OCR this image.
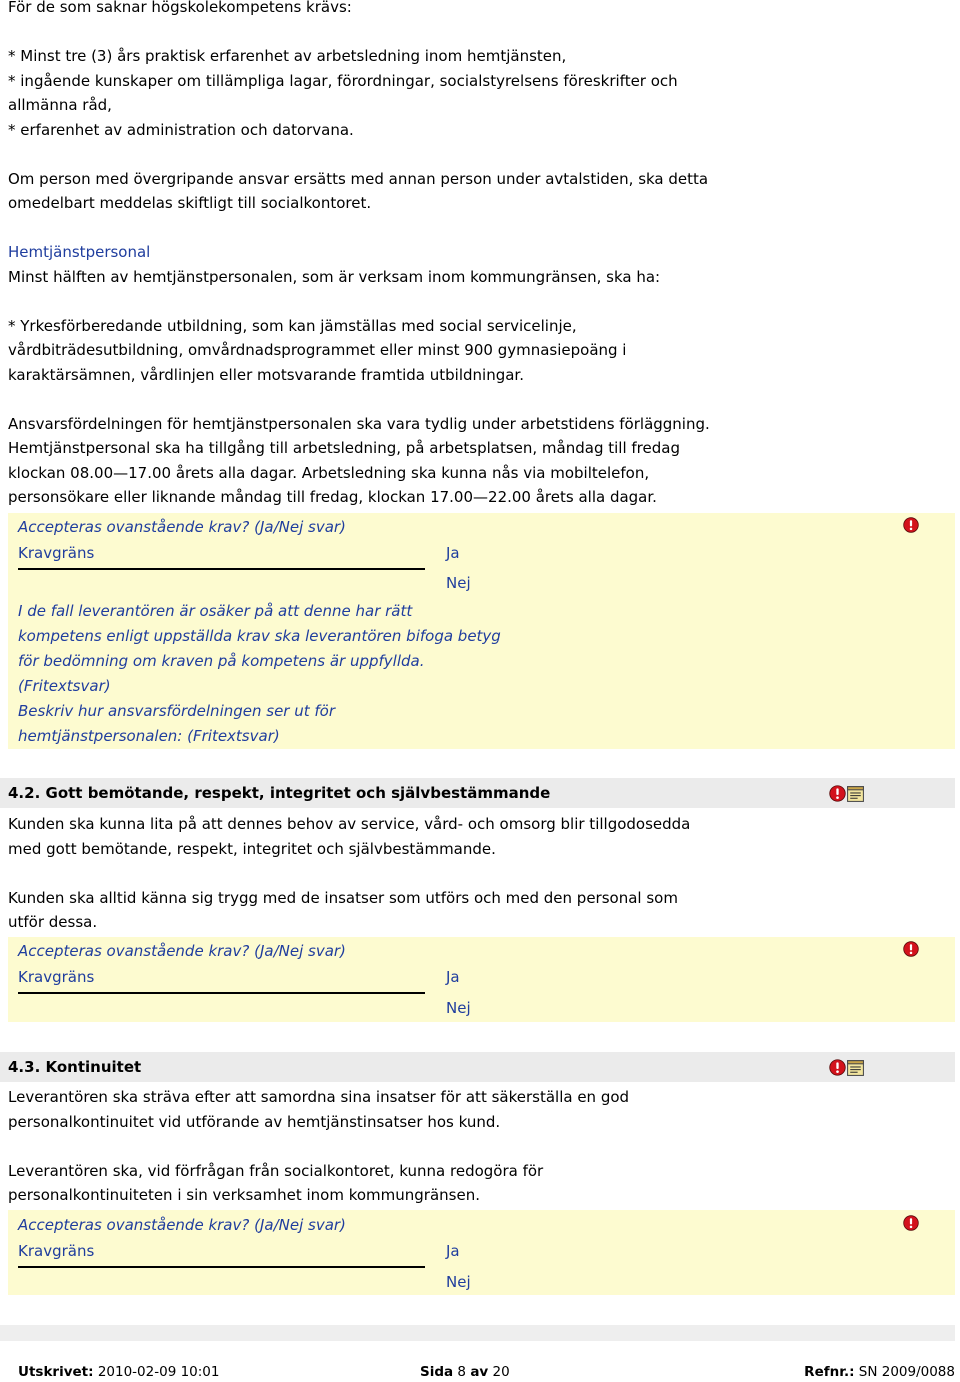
För de som saknar högskolekompetens krävs:
* Minst tre (3) års praktisk erfarenhet av arbetsledning inom hemtjänsten,
* ingående kunskaper om tillämpliga lagar, förordningar, socialstyrelsens föreskrifter och
allmänna råd,
* erfarenhet av administration och datorvana.
Om person med övergripande ansvar ersätts med annan person under avtalstiden, ska detta
omedelbart meddelas skiftligt till socialkontoret.
Hemtjänstpersonal
Minst hälften av hemtjänstpersonalen, som är verksam inom kommungränsen, ska ha:
* Yrkesförberedande utbildning, som kan jämställas med social servicelinje,
vårdbiträdesutbildning, omvårdnadsprogrammet eller minst 900 gymnasiepoäng i
karaktärsämnen, vårdlinjen eller motsvarande framtida utbildningar.
Ansvarsfördelningen för hemtjänstpersonalen ska vara tydlig under arbetstidens förläggning.
Hemtjänstpersonal ska ha tillgång till arbetsledning, på arbetsplatsen, måndag till fredag
klockan 08.00—17.00 årets alla dagar. Arbetsledning ska kunna nås via mobiltelefon,
personsökare eller liknande måndag till fredag, klockan 17.00—22.00 årets alla dagar.
Accepteras ovanstående krav? (Ja/Nej svar)
Kravgräns	Ja
Nej
I de fall leverantören är osäker på att denne har rätt
kompetens enligt uppställda krav ska leverantören bifoga betyg
för bedömning om kraven på kompetens är uppfyllda.
(Fritextsvar)
Beskriv hur ansvarsfördelningen ser ut för
hemtjänstpersonalen: (Fritextsvar)
4.2. Gott bemötande, respekt, integritet och självbestämmande
Kunden ska kunna lita på att dennes behov av service, vård- och omsorg blir tillgodosedda
med gott bemötande, respekt, integritet och självbestämmande.
Kunden ska alltid känna sig trygg med de insatser som utförs och med den personal som
utför dessa.
Accepteras ovanstående krav? (Ja/Nej svar)
Kravgräns	Ja
Nej
4.3. Kontinuitet
Leverantören ska sträva efter att samordna sina insatser för att säkerställa en god
personalkontinuitet vid utförande av hemtjänstinsatser hos kund.
Leverantören ska, vid förfrågan från socialkontoret, kunna redogöra för
personalkontinuiteten i sin verksamhet inom kommungränsen.
Accepteras ovanstående krav? (Ja/Nej svar)
Kravgräns	Ja
Nej
Utskrivet: 2010-02-09 10:01	Sida 8 av 20	Refnr.: SN 2009/0088
